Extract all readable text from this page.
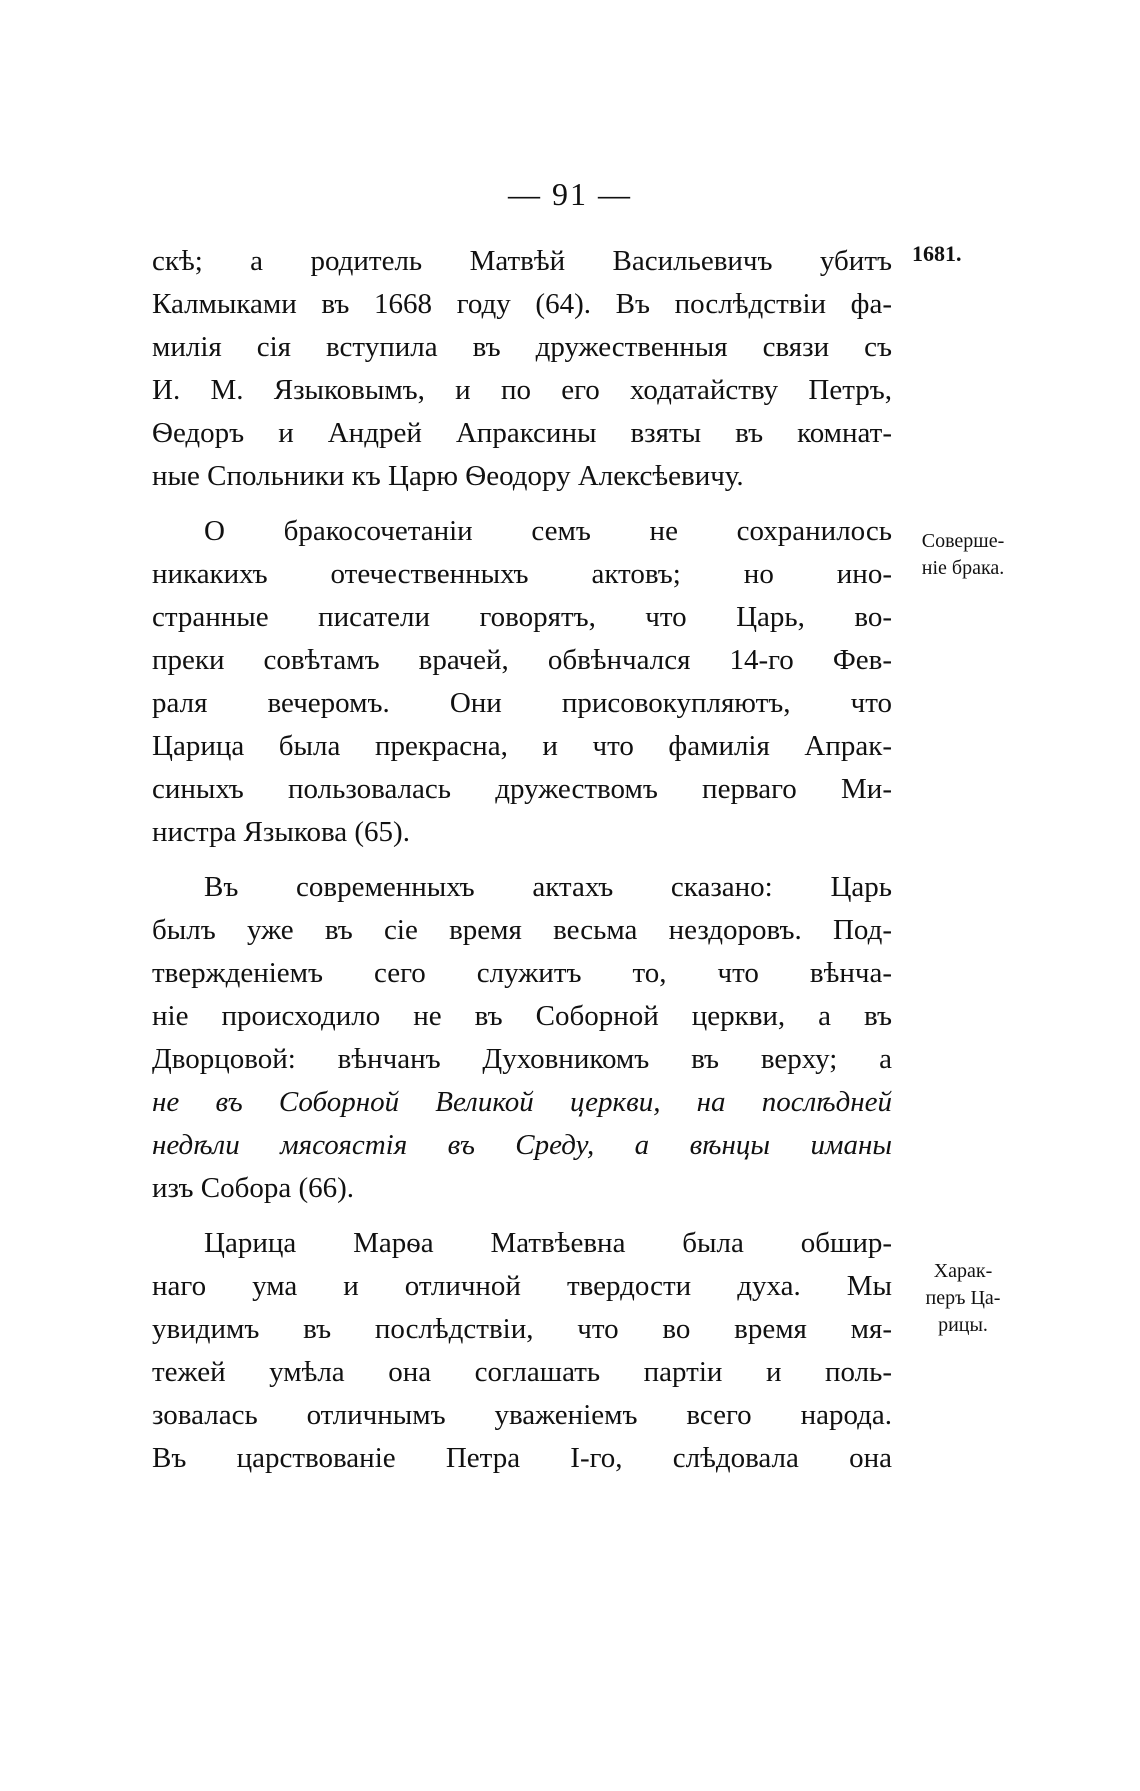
— 91 —
1681.
Соверше-
ніе брака.
Харак-
перъ Ца-
рицы.
скѣ; а родитель Матвѣй Васильевичъ убитъ
Калмыками въ 1668 году (64). Въ послѣдствіи фа-
милія сія вступила въ дружественныя связи съ
И. М. Языковымъ, и по его ходатайству Петръ,
Ѳедоръ и Андрей Апраксины взяты въ комнат-
ные Спольники къ Царю Ѳеодору Алексѣевичу.
О бракосочетаніи семъ не сохранилось
никакихъ отечественныхъ актовъ; но ино-
странные писатели говорятъ, что Царь, во-
преки совѣтамъ врачей, обвѣнчался 14-го Фев-
раля вечеромъ. Они присовокупляютъ, что
Царица была прекрасна, и что фамилія Апрак-
синыхъ пользовалась дружествомъ перваго Ми-
нистра Языкова (65).
Въ современныхъ актахъ сказано: Царь
былъ уже въ сіе время весьма нездоровъ. Под-
твержденіемъ сего служитъ то, что вѣнча-
ніе происходило не въ Соборной церкви, а въ
Дворцовой: вѣнчанъ Духовникомъ въ верху; а
не въ Соборной Великой церкви, на послѣдней
недѣли мясоястія въ Среду, а вѣнцы иманы
изъ Собора (66).
Царица Марѳа Матвѣевна была обшир-
наго ума и отличной твердости духа. Мы
увидимъ въ послѣдствіи, что во время мя-
тежей умѣла она соглашать партіи и поль-
зовалась отличнымъ уваженіемъ всего народа.
Въ царствованіе Петра І-го, слѣдовала она
